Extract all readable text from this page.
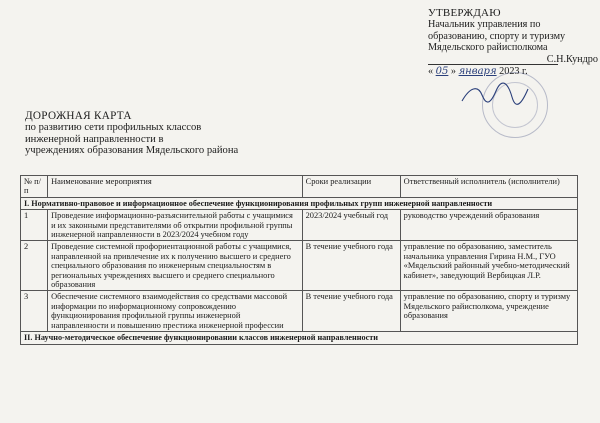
УТВЕРЖДАЮ
Начальник управления по
образованию, спорту и туризму
Мядельского райисполкома
С.Н.Кундро
« 05 » января 2023 г.
ДОРОЖНАЯ КАРТА
по развитию сети профильных классов
инженерной направленности в
учреждениях образования Мядельского района
№ п/п	Наименование мероприятия	Сроки реализации	Ответственный исполнитель (исполнители)
I. Нормативно-правовое и информационное обеспечение функционирования профильных групп инженерной направленности			
1	Проведение информационно-разъяснительной работы с учащимися и их законными представителями об открытии профильной группы инженерной направленности в 2023/2024 учебном году	2023/2024 учебный год	руководство учреждений образования
2	Проведение системной профориентационной работы с учащимися, направленной на привлечение их к получению высшего и среднего специального образования по инженерным специальностям в региональных учреждениях высшего и среднего специального образования	В течение учебного года	управление по образованию, заместитель начальника управления Гирина Н.М., ГУО «Мядельский районный учебно-методический кабинет», заведующий Вербицкая Л.Р.
3	Обеспечение системного взаимодействия со средствами массовой информации по информационному сопровождению функционирования профильной группы инженерной направленности и повышению престижа инженерной профессии	В течение учебного года	управление по образованию, спорту и туризму Мядельского райисполкома, учреждение образования
II. Научно-методическое обеспечение функционировании классов инженерной направленности			
